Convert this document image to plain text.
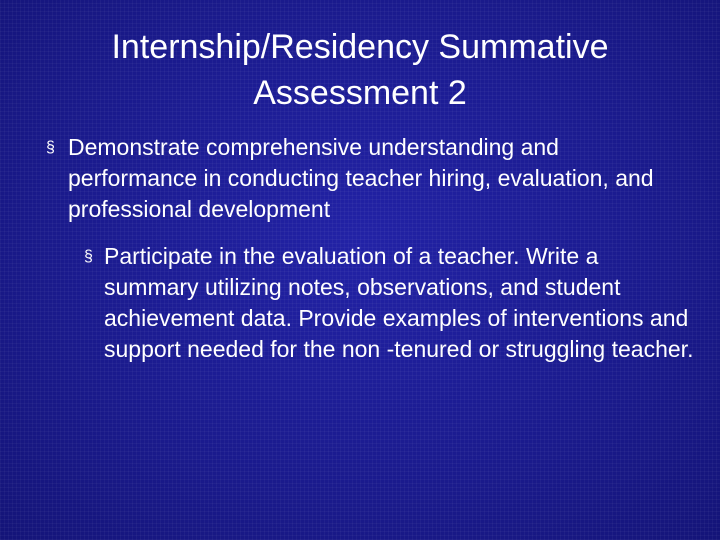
Internship/Residency Summative Assessment 2
§ Demonstrate comprehensive understanding and performance in conducting teacher hiring, evaluation, and professional development
§ Participate in the evaluation of a teacher. Write a summary utilizing notes, observations, and student achievement data. Provide examples of interventions and support needed for the non -tenured or struggling teacher.
